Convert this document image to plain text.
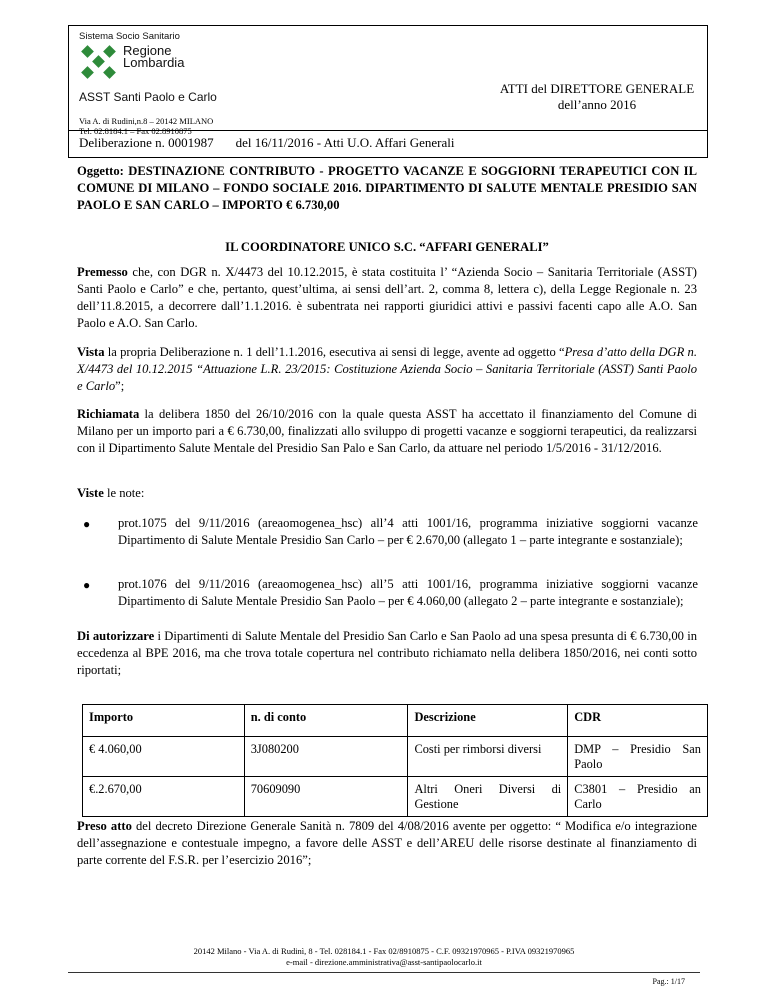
Sistema Socio Sanitario
Regione
Lombardia
ASST Santi Paolo e Carlo
ATTI del DIRETTORE GENERALE
dell’anno 2016
Via A. di Rudini,n.8 – 20142 MILANO
Tel. 02.8184.1 – Fax 02.8910875
Deliberazione n. 0001987 del 16/11/2016 - Atti U.O. Affari Generali
Oggetto: DESTINAZIONE CONTRIBUTO - PROGETTO VACANZE E SOGGIORNI TERAPEUTICI CON IL COMUNE DI MILANO – FONDO SOCIALE 2016. DIPARTIMENTO DI SALUTE MENTALE PRESIDIO SAN PAOLO E SAN CARLO – IMPORTO € 6.730,00
IL COORDINATORE UNICO S.C. “AFFARI GENERALI”
Premesso che, con DGR n. X/4473 del 10.12.2015, è stata costituita l’ “Azienda Socio – Sanitaria Territoriale (ASST) Santi Paolo e Carlo” e che, pertanto, quest’ultima, ai sensi dell’art. 2, comma 8, lettera c), della Legge Regionale n. 23 dell’11.8.2015, a decorrere dall’1.1.2016. è subentrata nei rapporti giuridici attivi e passivi facenti capo alle A.O. San Paolo e A.O. San Carlo.
Vista la propria Deliberazione n. 1 dell’1.1.2016, esecutiva ai sensi di legge, avente ad oggetto “Presa d’atto della DGR n. X/4473 del 10.12.2015 “Attuazione L.R. 23/2015: Costituzione Azienda Socio – Sanitaria Territoriale (ASST) Santi Paolo e Carlo”;
Richiamata la delibera 1850 del 26/10/2016 con la quale questa ASST ha accettato il finanziamento del Comune di Milano per un importo pari a € 6.730,00, finalizzati allo sviluppo di progetti vacanze e soggiorni terapeutici, da realizzarsi con il Dipartimento Salute Mentale del Presidio San Palo e San Carlo, da attuare nel periodo 1/5/2016 - 31/12/2016.
Viste le note:
● prot.1075 del 9/11/2016 (areaomogenea_hsc) all’4 atti 1001/16, programma iniziative soggiorni vacanze Dipartimento di Salute Mentale Presidio San Carlo – per € 2.670,00 (allegato 1 – parte integrante e sostanziale);
● prot.1076 del 9/11/2016 (areaomogenea_hsc) all’5 atti 1001/16, programma iniziative soggiorni vacanze Dipartimento di Salute Mentale Presidio San Paolo – per € 4.060,00 (allegato 2 – parte integrante e sostanziale);
Di autorizzare i Dipartimenti di Salute Mentale del Presidio San Carlo e San Paolo ad una spesa presunta di € 6.730,00 in eccedenza al BPE 2016, ma che trova totale copertura nel contributo richiamato nella delibera 1850/2016, nei conti sotto riportati;
Importo	n. di conto	Descrizione	CDR
€ 4.060,00	3J080200	Costi per rimborsi diversi	DMP – Presidio San Paolo
€.2.670,00	70609090	Altri Oneri Diversi di Gestione	C3801 – Presidio an Carlo
Preso atto del decreto Direzione Generale Sanità n. 7809 del 4/08/2016 avente per oggetto: “ Modifica e/o integrazione dell’assegnazione e contestuale impegno, a favore delle ASST e dell’AREU delle risorse destinate al finanziamento di parte corrente del F.S.R. per l’esercizio 2016”;
20142 Milano - Via A. di Rudinì, 8 - Tel. 028184.1 - Fax 02/8910875 - C.F. 09321970965 - P.IVA 09321970965
e-mail - direzione.amministrativa@asst-santipaolocarlo.it
Pag.: 1/17
